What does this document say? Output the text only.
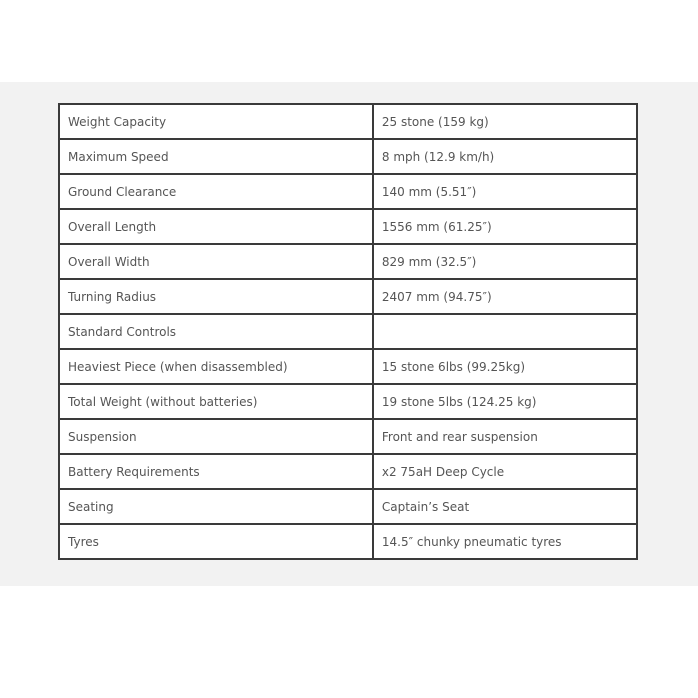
Weight Capacity	25 stone (159 kg)
Maximum Speed	8 mph (12.9 km/h)
Ground Clearance	140 mm (5.51″)
Overall Length	1556 mm (61.25″)
Overall Width	829 mm (32.5″)
Turning Radius	2407 mm (94.75″)
Standard Controls	
Heaviest Piece (when disassembled)	15 stone 6lbs (99.25kg)
Total Weight (without batteries)	19 stone 5lbs (124.25 kg)
Suspension	Front and rear suspension
Battery Requirements	x2 75aH Deep Cycle
Seating	Captain’s Seat
Tyres	14.5″ chunky pneumatic tyres
